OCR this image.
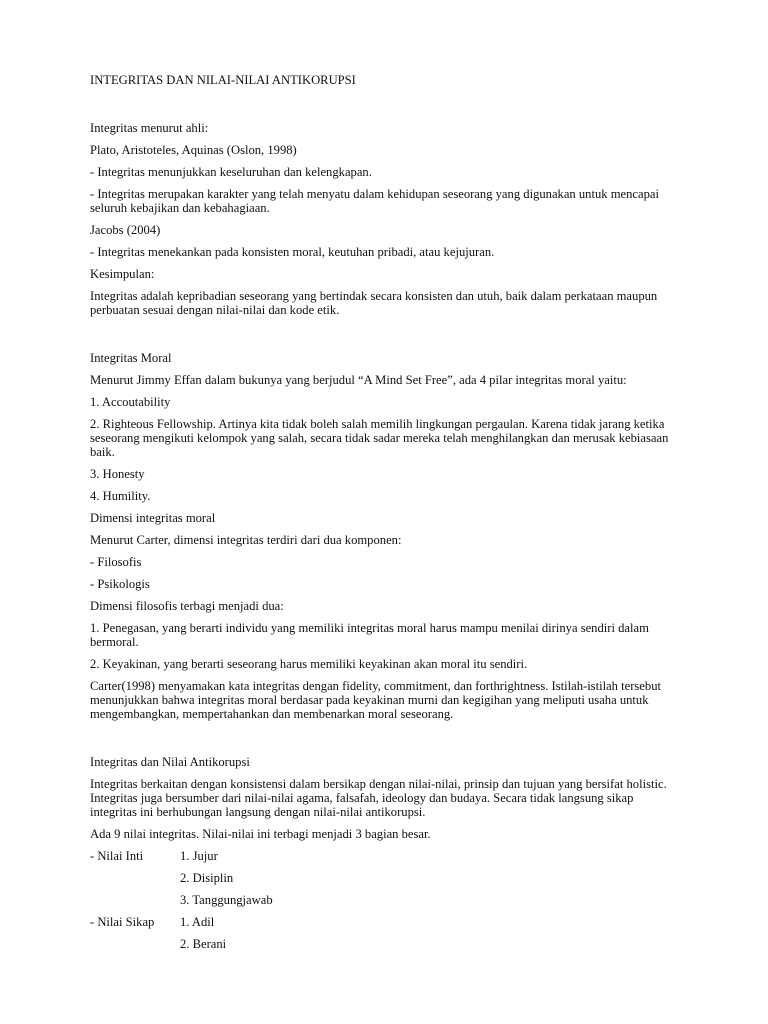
INTEGRITAS DAN NILAI-NILAI ANTIKORUPSI

Integritas menurut ahli:

Plato, Aristoteles, Aquinas (Oslon, 1998)

- Integritas menunjukkan keseluruhan dan kelengkapan.

- Integritas merupakan karakter yang telah menyatu dalam kehidupan seseorang yang digunakan untuk mencapai seluruh kebajikan dan kebahagiaan.

Jacobs (2004)

- Integritas menekankan pada konsisten moral, keutuhan pribadi, atau kejujuran.

Kesimpulan:

Integritas adalah kepribadian seseorang yang bertindak secara konsisten dan utuh, baik dalam perkataan maupun perbuatan sesuai dengan nilai-nilai dan kode etik.

Integritas Moral

Menurut Jimmy Effan dalam bukunya yang berjudul “A Mind Set Free”, ada 4 pilar integritas moral yaitu:

1. Accoutability

2. Righteous Fellowship. Artinya kita tidak boleh salah memilih lingkungan pergaulan. Karena tidak jarang ketika seseorang mengikuti kelompok yang salah, secara tidak sadar mereka telah menghilangkan dan merusak kebiasaan baik.

3. Honesty

4. Humility.

Dimensi integritas moral

Menurut Carter, dimensi integritas terdiri dari dua komponen:

- Filosofis

- Psikologis

Dimensi filosofis terbagi menjadi dua:

1. Penegasan, yang berarti individu yang memiliki integritas moral harus mampu menilai dirinya sendiri dalam bermoral.

2. Keyakinan, yang berarti seseorang harus memiliki keyakinan akan moral itu sendiri.

Carter(1998) menyamakan kata integritas dengan fidelity, commitment, dan forthrightness. Istilah-istilah tersebut menunjukkan bahwa integritas moral berdasar pada keyakinan murni dan kegigihan yang meliputi usaha untuk mengembangkan, mempertahankan dan membenarkan moral seseorang.

Integritas dan Nilai Antikorupsi

Integritas berkaitan dengan konsistensi dalam bersikap dengan nilai-nilai, prinsip dan tujuan yang bersifat holistic. Integritas juga bersumber dari nilai-nilai agama, falsafah, ideology dan budaya. Secara tidak langsung sikap integritas ini berhubungan langsung dengan nilai-nilai antikorupsi.

Ada 9 nilai integritas. Nilai-nilai ini terbagi menjadi 3 bagian besar.

- Nilai Inti	1. Jujur
2. Disiplin
3. Tanggungjawab
- Nilai Sikap	1. Adil
2. Berani
